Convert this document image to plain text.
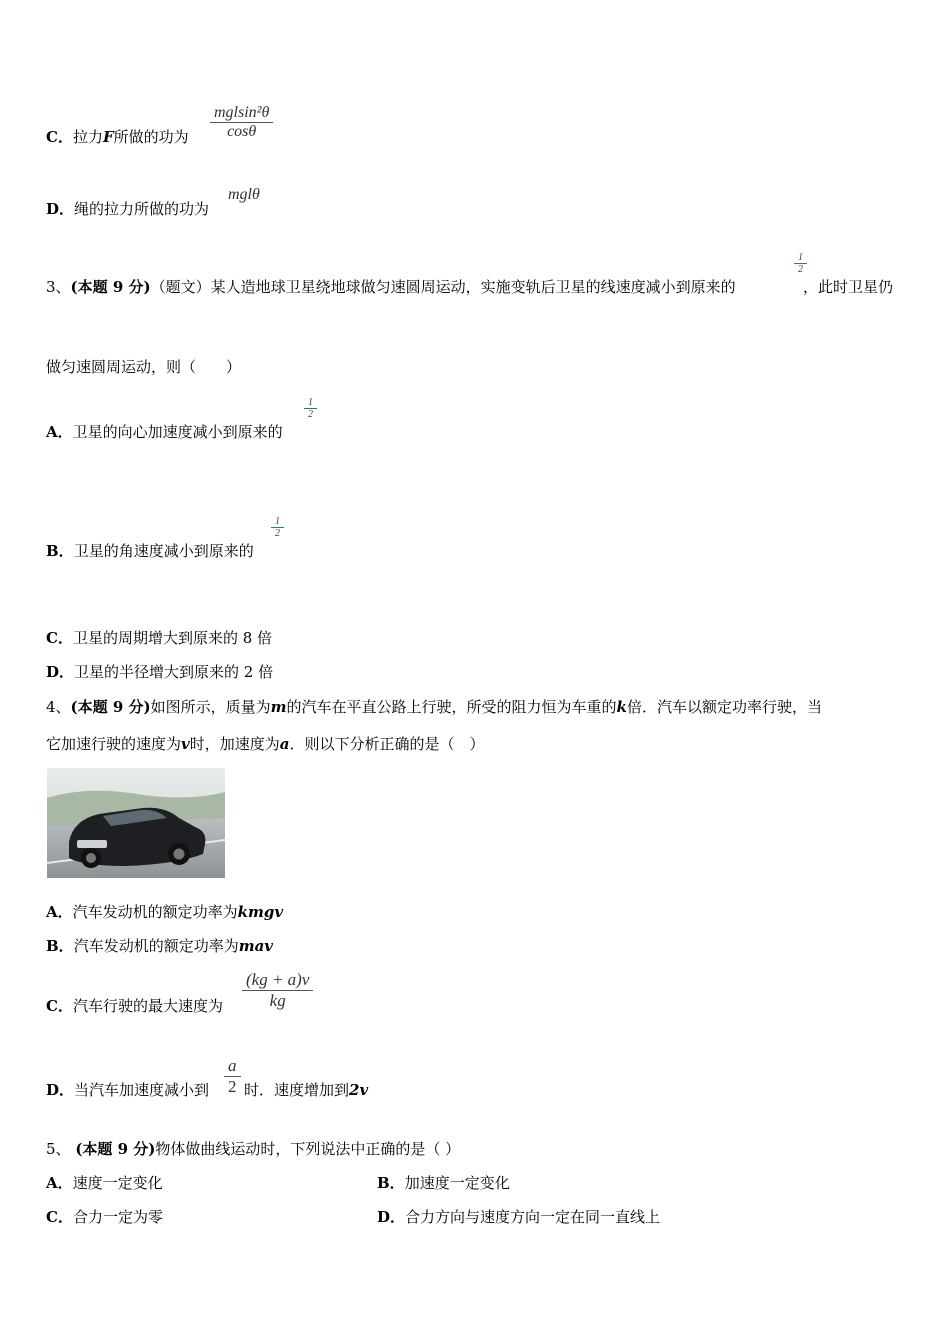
C．拉力F所做的功为
mglsin²θ
cosθ
D．绳的拉力所做的功为
mglθ
3、(本题 9 分)（题文）某人造地球卫星绕地球做匀速圆周运动，实施变轨后卫星的线速度减小到原来的
1
2
，此时卫星仍
做匀速圆周运动，则（　　）
A．卫星的向心加速度减小到原来的
1
2
B．卫星的角速度减小到原来的
1
2
C．卫星的周期增大到原来的 8 倍
D．卫星的半径增大到原来的 2 倍
4、(本题 9 分)如图所示，质量为m的汽车在平直公路上行驶，所受的阻力恒为车重的k倍．汽车以额定功率行驶，当
它加速行驶的速度为v时，加速度为a．则以下分析正确的是（　）
A．汽车发动机的额定功率为kmgv
B．汽车发动机的额定功率为mav
C．汽车行驶的最大速度为
(kg + a)v
kg
D．当汽车加速度减小到
a
2 时．速度增加到2v
5、 (本题 9 分)物体做曲线运动时，下列说法中正确的是（ ）
A．速度一定变化	B．加速度一定变化
C．合力一定为零	D．合力方向与速度方向一定在同一直线上
